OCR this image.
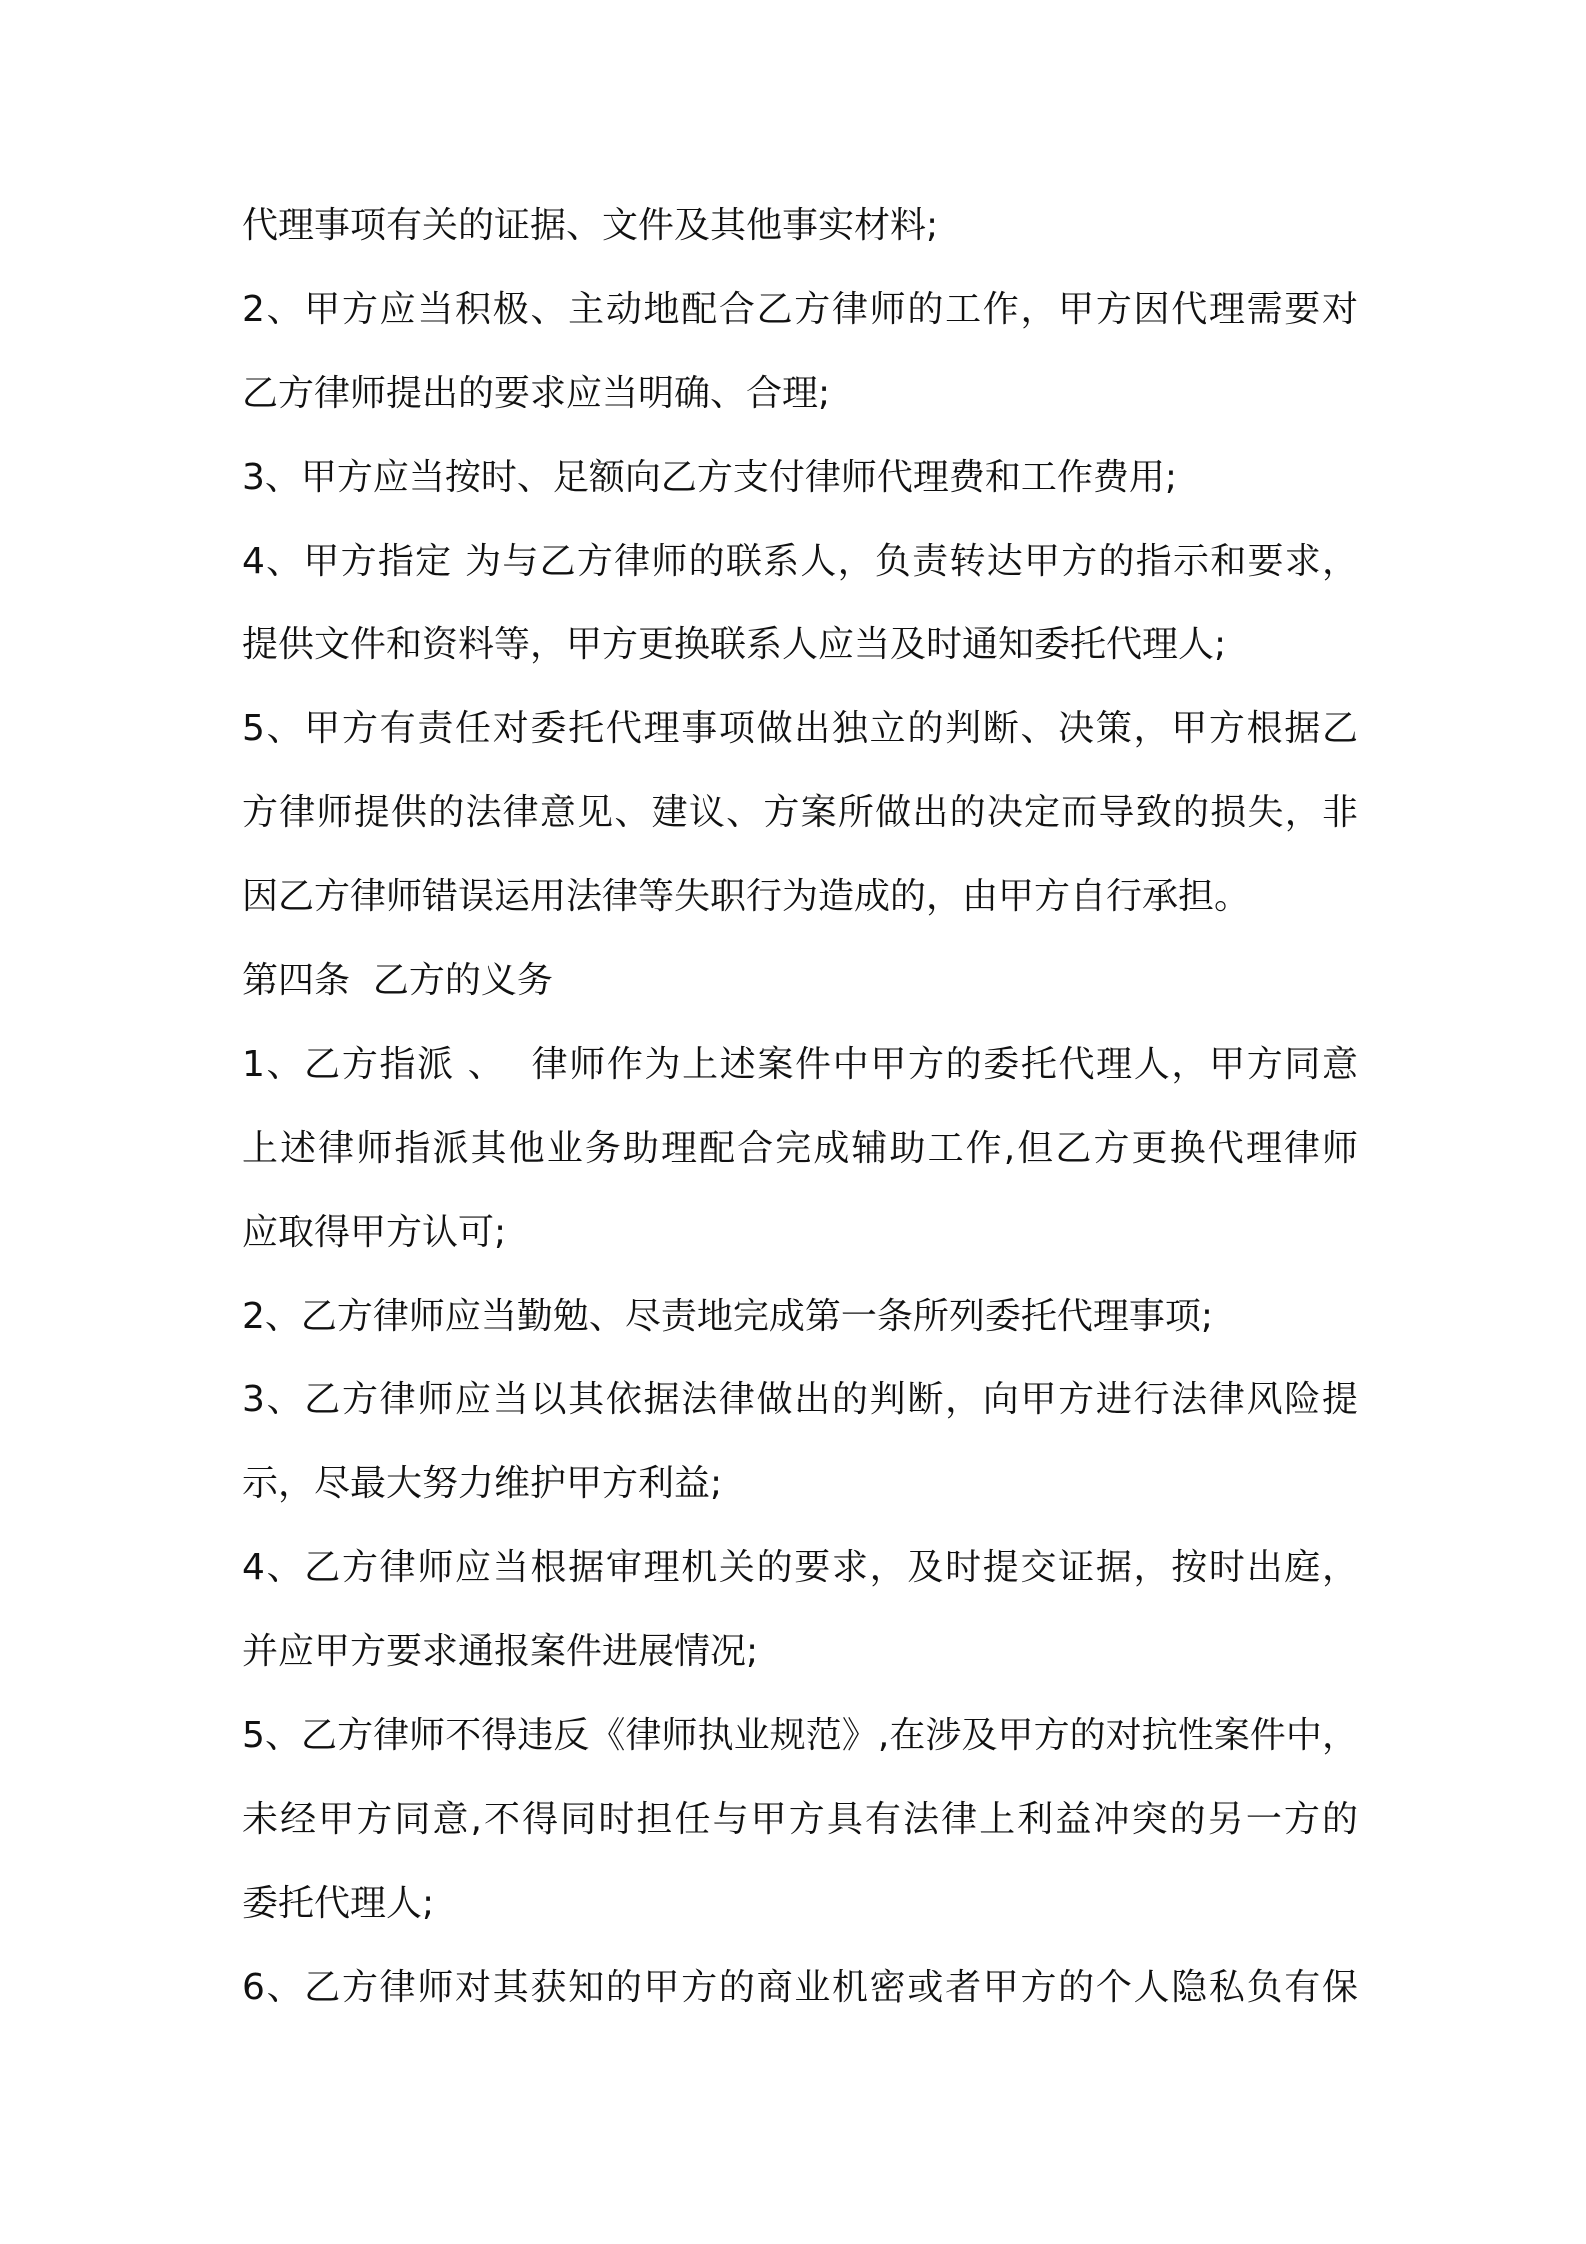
代理事项有关的证据、文件及其他事实材料;
2、甲方应当积极、主动地配合乙方律师的工作，甲方因代理需要对
乙方律师提出的要求应当明确、合理;
3、甲方应当按时、足额向乙方支付律师代理费和工作费用;
4、甲方指定 为与乙方律师的联系人，负责转达甲方的指示和要求，
提供文件和资料等，甲方更换联系人应当及时通知委托代理人;
5、甲方有责任对委托代理事项做出独立的判断、决策，甲方根据乙
方律师提供的法律意见、建议、方案所做出的决定而导致的损失，非
因乙方律师错误运用法律等失职行为造成的，由甲方自行承担。
第四条  乙方的义务
1、乙方指派 、  律师作为上述案件中甲方的委托代理人，甲方同意
上述律师指派其他业务助理配合完成辅助工作,但乙方更换代理律师
应取得甲方认可;
2、乙方律师应当勤勉、尽责地完成第一条所列委托代理事项;
3、乙方律师应当以其依据法律做出的判断，向甲方进行法律风险提
示，尽最大努力维护甲方利益;
4、乙方律师应当根据审理机关的要求，及时提交证据，按时出庭，
并应甲方要求通报案件进展情况;
5、乙方律师不得违反《律师执业规范》,在涉及甲方的对抗性案件中，
未经甲方同意,不得同时担任与甲方具有法律上利益冲突的另一方的
委托代理人;
6、乙方律师对其获知的甲方的商业机密或者甲方的个人隐私负有保
